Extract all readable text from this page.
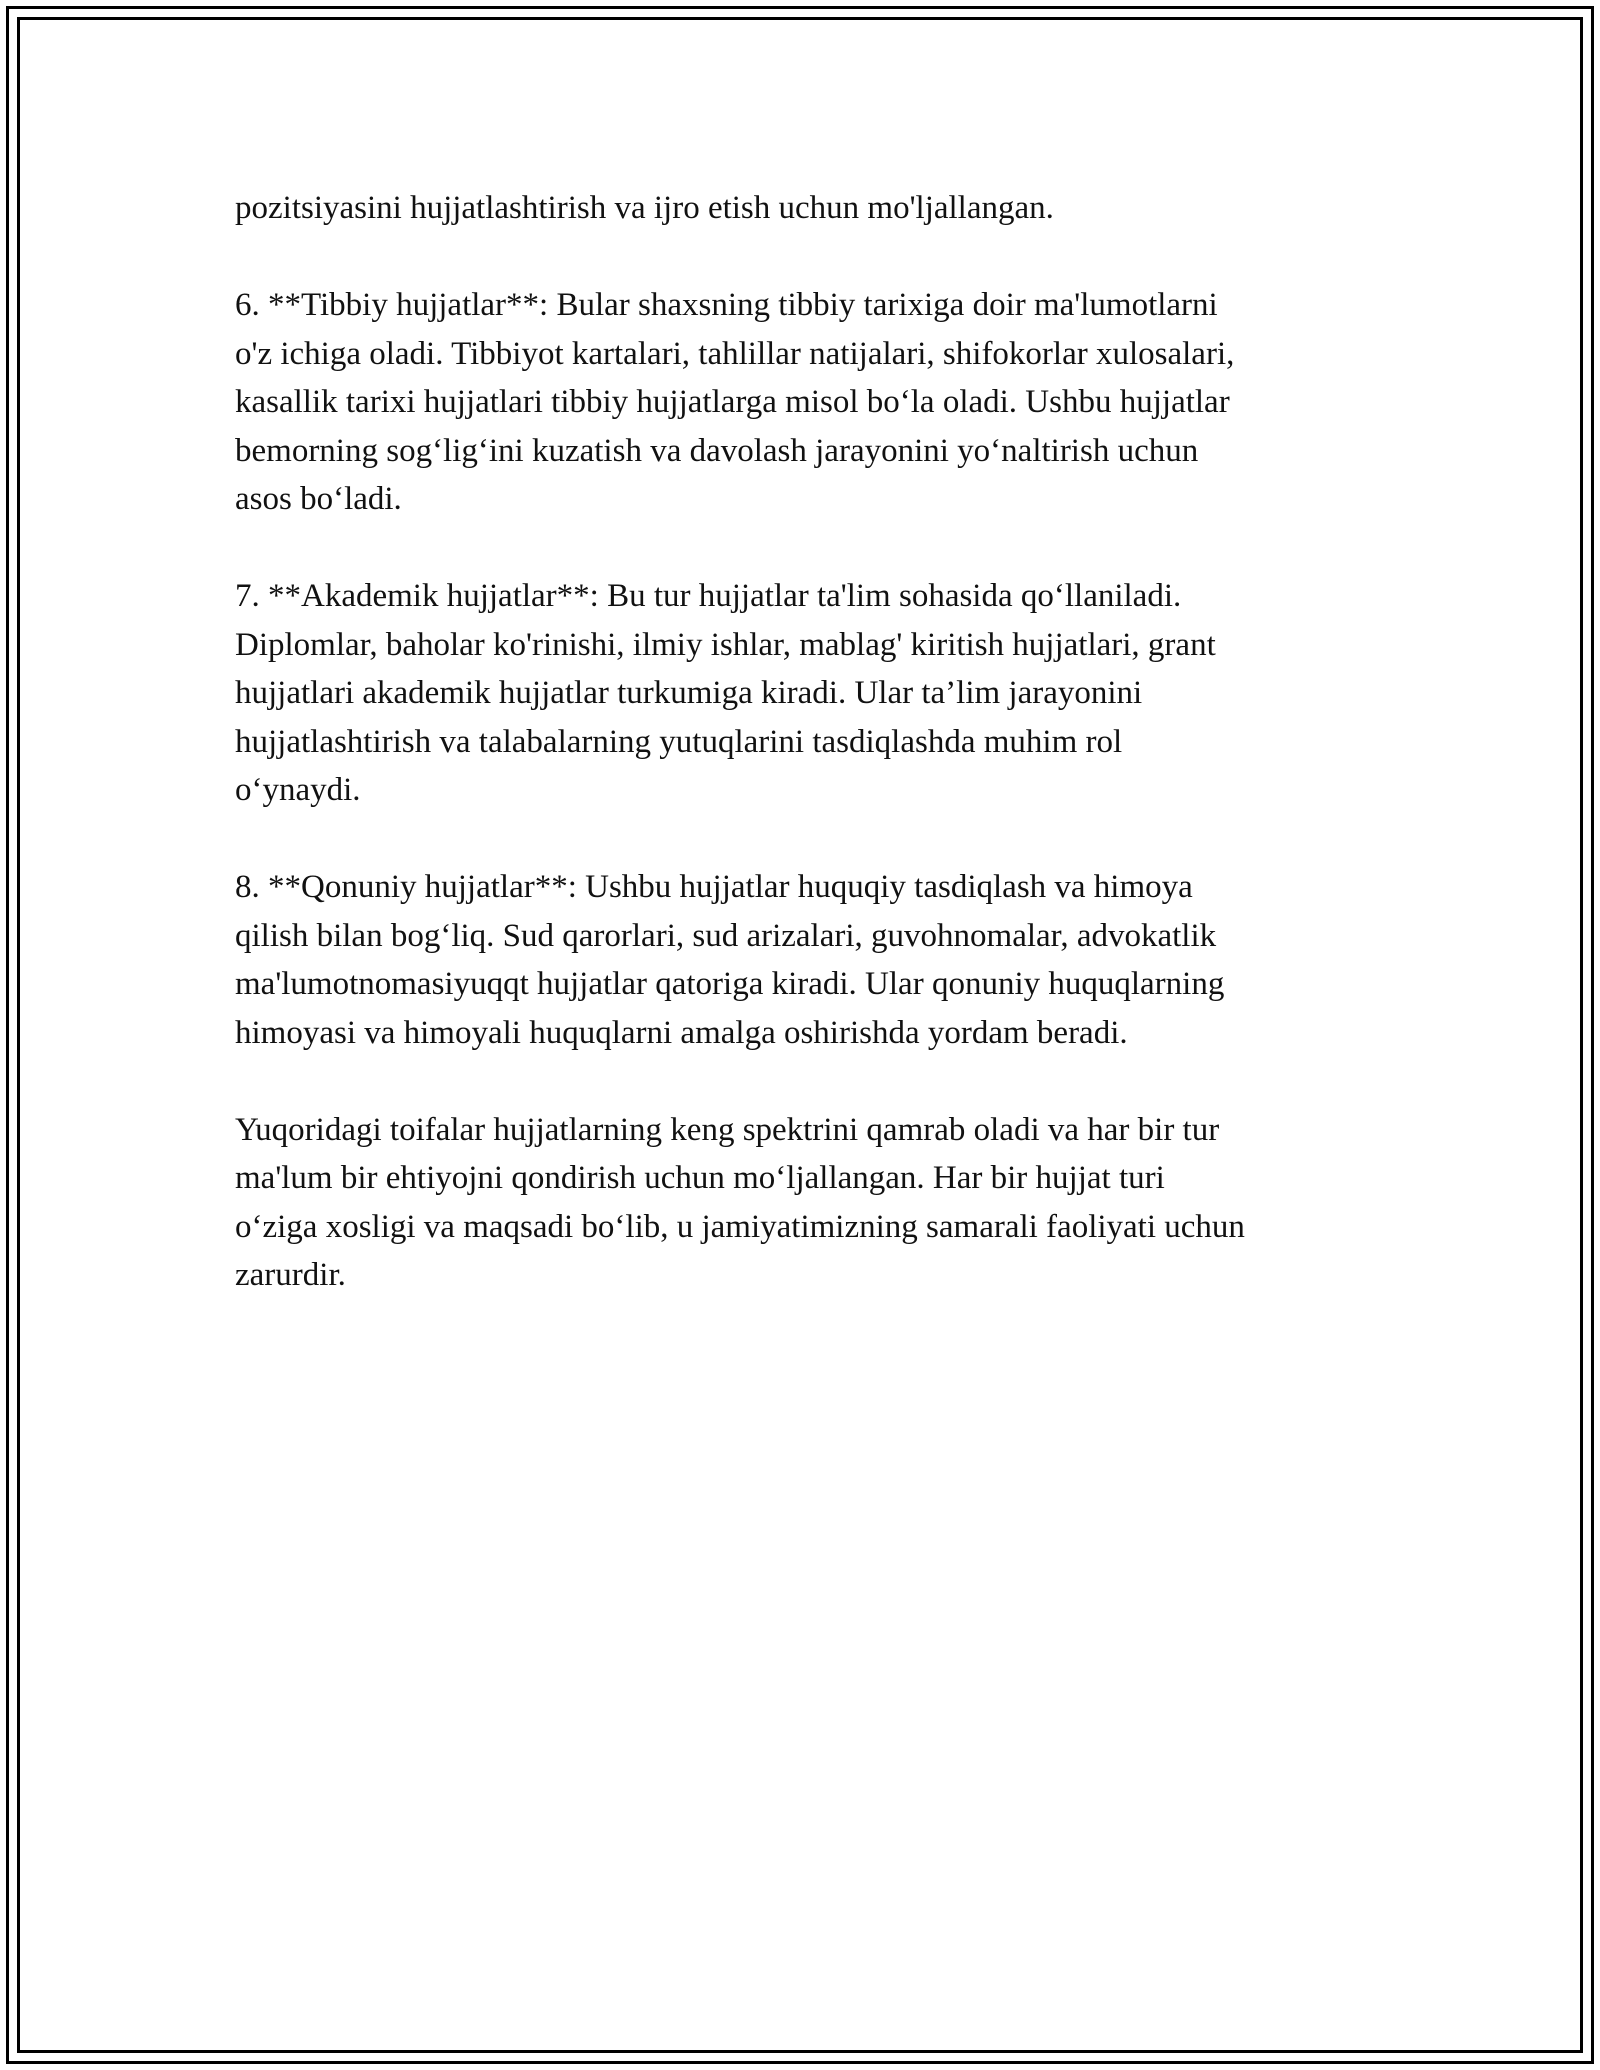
pozitsiyasini hujjatlashtirish va ijro etish uchun mo'ljallangan.

6. **Tibbiy hujjatlar**: Bular shaxsning tibbiy tarixiga doir ma'lumotlarni
o'z ichiga oladi. Tibbiyot kartalari, tahlillar natijalari, shifokorlar xulosalari,
kasallik tarixi hujjatlari tibbiy hujjatlarga misol bo‘la oladi. Ushbu hujjatlar
bemorning sog‘lig‘ini kuzatish va davolash jarayonini yo‘naltirish uchun
asos bo‘ladi.

7. **Akademik hujjatlar**: Bu tur hujjatlar ta'lim sohasida qo‘llaniladi.
Diplomlar, baholar ko'rinishi, ilmiy ishlar, mablag' kiritish hujjatlari, grant
hujjatlari akademik hujjatlar turkumiga kiradi. Ular ta’lim jarayonini
hujjatlashtirish va talabalarning yutuqlarini tasdiqlashda muhim rol
o‘ynaydi.

8. **Qonuniy hujjatlar**: Ushbu hujjatlar huquqiy tasdiqlash va himoya
qilish bilan bog‘liq. Sud qarorlari, sud arizalari, guvohnomalar, advokatlik
ma'lumotnomasiyuqqt hujjatlar qatoriga kiradi. Ular qonuniy huquqlarning
himoyasi va himoyali huquqlarni amalga oshirishda yordam beradi.

Yuqoridagi toifalar hujjatlarning keng spektrini qamrab oladi va har bir tur
ma'lum bir ehtiyojni qondirish uchun mo‘ljallangan. Har bir hujjat turi
o‘ziga xosligi va maqsadi bo‘lib, u jamiyatimizning samarali faoliyati uchun
zarurdir.
